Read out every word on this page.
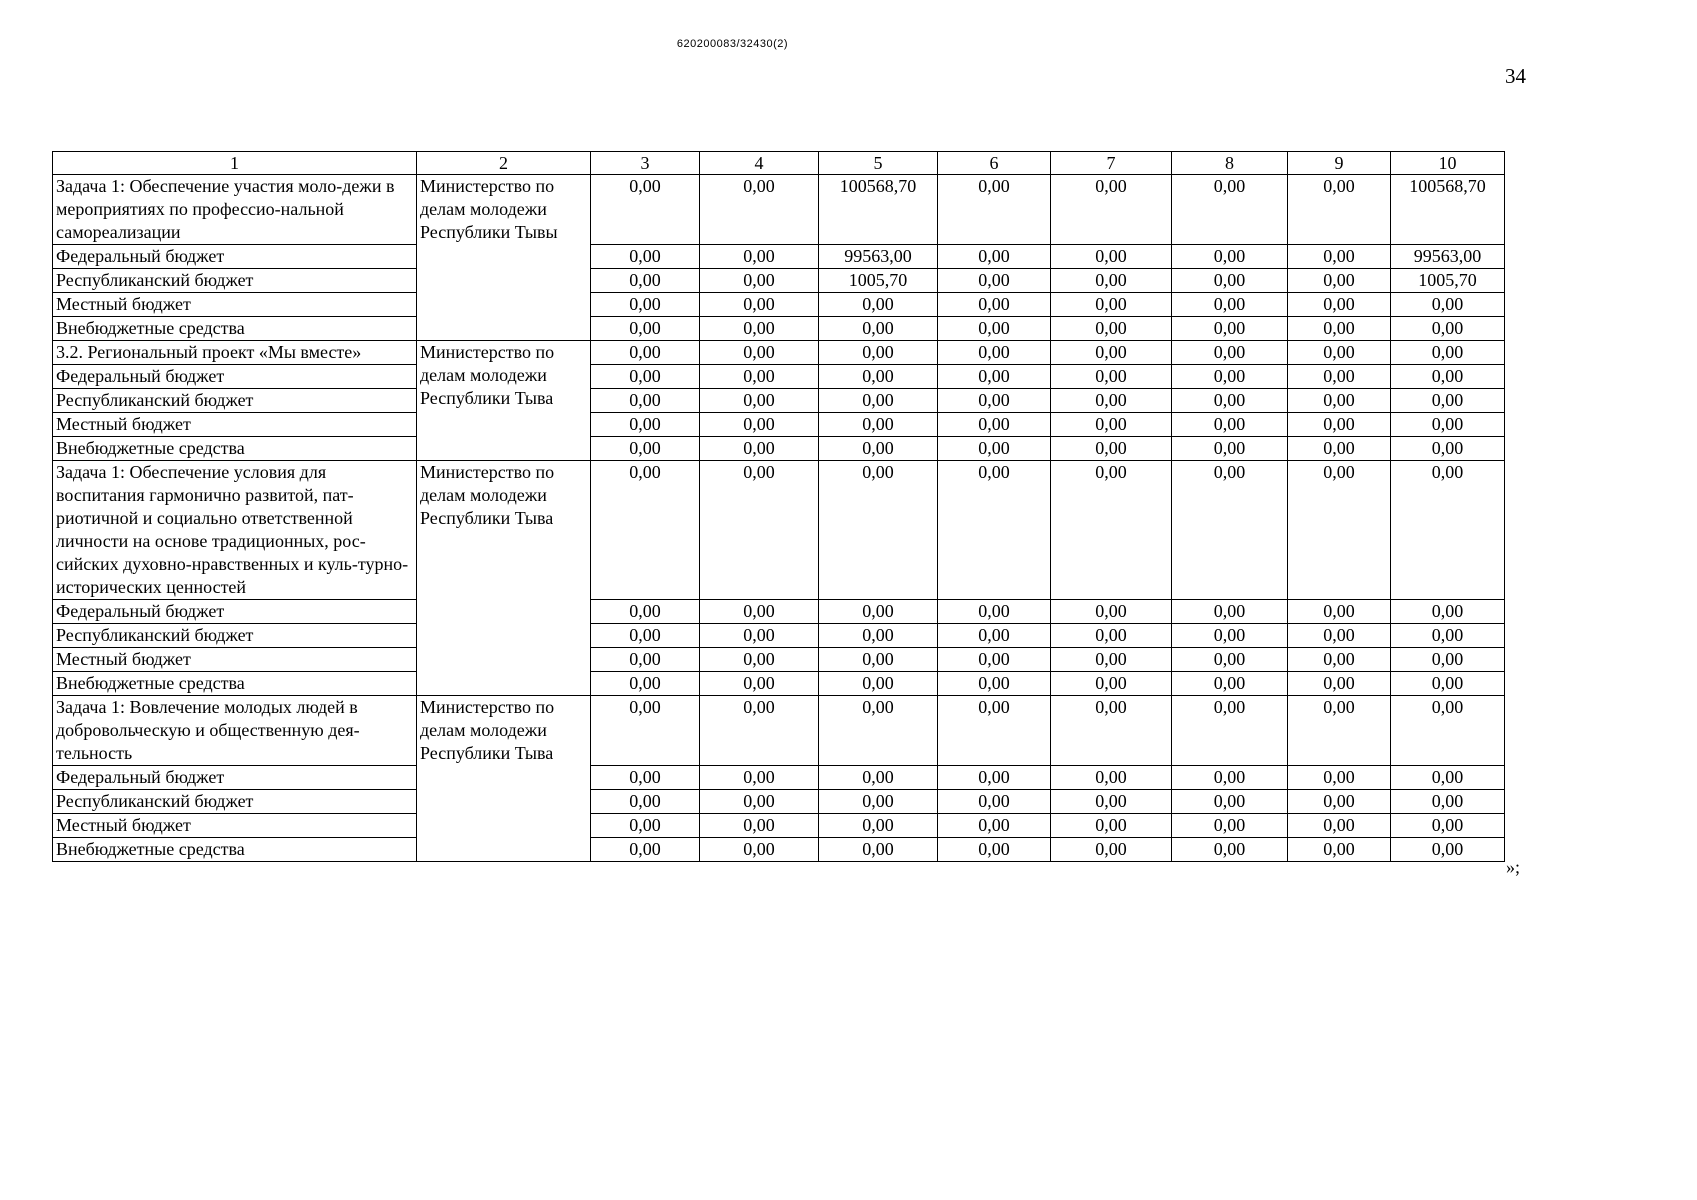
620200083/32430(2)
34
1	2	3	4	5	6	7	8	9	10
Задача 1: Обеспечение участия моло-дежи в мероприятиях по профессио-нальной самореализации	Министерство по делам молодежи Республики Тывы	0,00	0,00	100568,70	0,00	0,00	0,00	0,00	100568,70
Федеральный бюджет		0,00	0,00	99563,00	0,00	0,00	0,00	0,00	99563,00
Республиканский бюджет		0,00	0,00	1005,70	0,00	0,00	0,00	0,00	1005,70
Местный бюджет		0,00	0,00	0,00	0,00	0,00	0,00	0,00	0,00
Внебюджетные средства		0,00	0,00	0,00	0,00	0,00	0,00	0,00	0,00
3.2. Региональный проект «Мы вместе»	Министерство по делам молодежи Республики Тыва	0,00	0,00	0,00	0,00	0,00	0,00	0,00	0,00
Федеральный бюджет		0,00	0,00	0,00	0,00	0,00	0,00	0,00	0,00
Республиканский бюджет		0,00	0,00	0,00	0,00	0,00	0,00	0,00	0,00
Местный бюджет		0,00	0,00	0,00	0,00	0,00	0,00	0,00	0,00
Внебюджетные средства		0,00	0,00	0,00	0,00	0,00	0,00	0,00	0,00
Задача 1: Обеспечение условия для воспитания гармонично развитой, пат-риотичной и социально ответственной личности на основе традиционных, рос-сийских духовно-нравственных и куль-турно-исторических ценностей	Министерство по делам молодежи Республики Тыва	0,00	0,00	0,00	0,00	0,00	0,00	0,00	0,00
Федеральный бюджет		0,00	0,00	0,00	0,00	0,00	0,00	0,00	0,00
Республиканский бюджет		0,00	0,00	0,00	0,00	0,00	0,00	0,00	0,00
Местный бюджет		0,00	0,00	0,00	0,00	0,00	0,00	0,00	0,00
Внебюджетные средства		0,00	0,00	0,00	0,00	0,00	0,00	0,00	0,00
Задача 1: Вовлечение молодых людей в добровольческую и общественную дея-тельность	Министерство по делам молодежи Республики Тыва	0,00	0,00	0,00	0,00	0,00	0,00	0,00	0,00
Федеральный бюджет		0,00	0,00	0,00	0,00	0,00	0,00	0,00	0,00
Республиканский бюджет		0,00	0,00	0,00	0,00	0,00	0,00	0,00	0,00
Местный бюджет		0,00	0,00	0,00	0,00	0,00	0,00	0,00	0,00
Внебюджетные средства		0,00	0,00	0,00	0,00	0,00	0,00	0,00	0,00
»;
